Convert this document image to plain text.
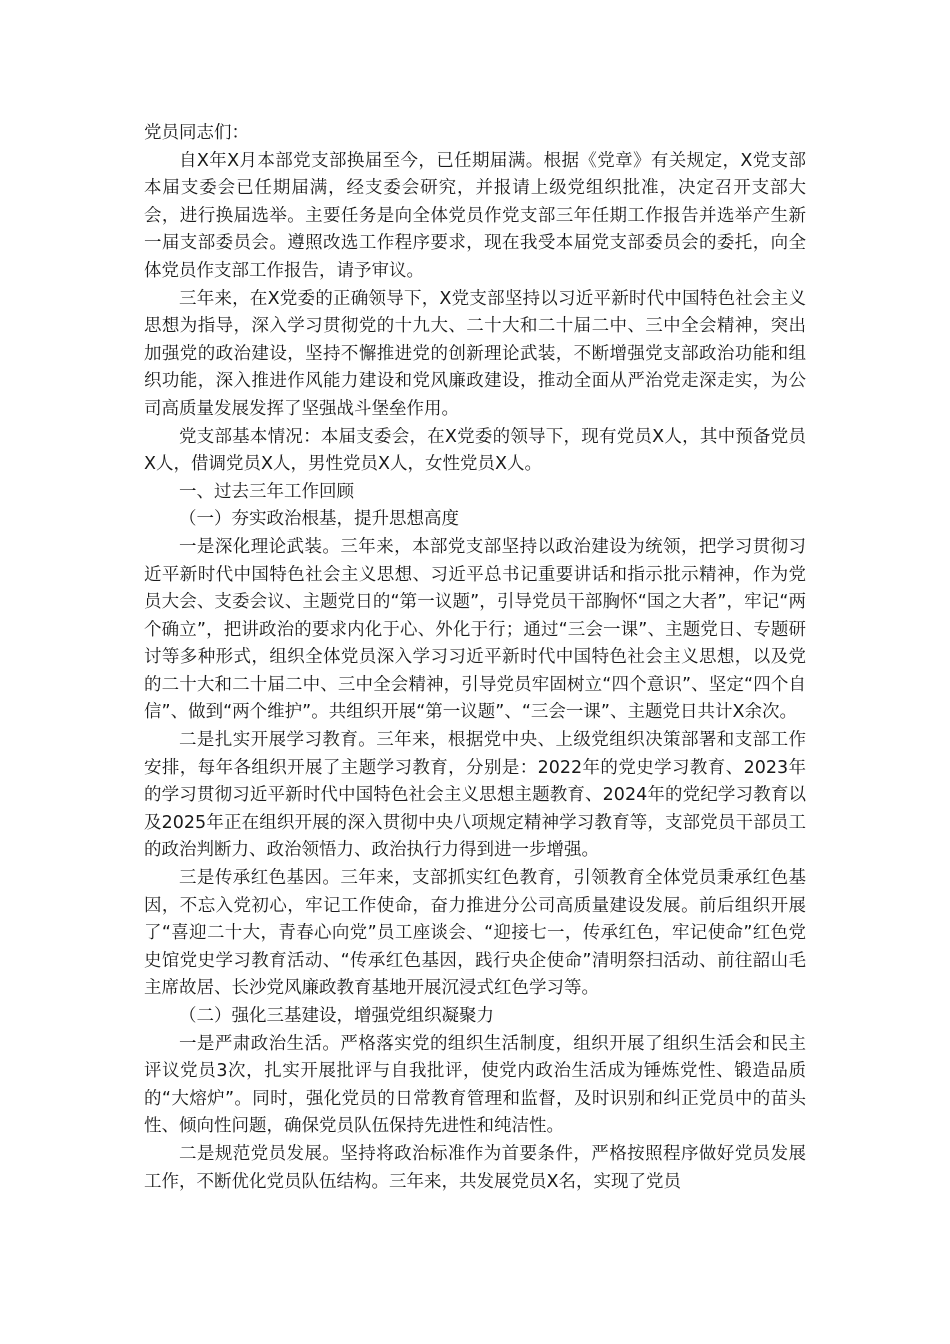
党员同志们：

自X年X月本部党支部换届至今，已任期届满。根据《党章》有关规定，X党支部本届支委会已任期届满，经支委会研究，并报请上级党组织批准，决定召开支部大会，进行换届选举。主要任务是向全体党员作党支部三年任期工作报告并选举产生新一届支部委员会。遵照改选工作程序要求，现在我受本届党支部委员会的委托，向全体党员作支部工作报告，请予审议。

三年来，在X党委的正确领导下，X党支部坚持以习近平新时代中国特色社会主义思想为指导，深入学习贯彻党的十九大、二十大和二十届二中、三中全会精神，突出加强党的政治建设，坚持不懈推进党的创新理论武装，不断增强党支部政治功能和组织功能，深入推进作风能力建设和党风廉政建设，推动全面从严治党走深走实，为公司高质量发展发挥了坚强战斗堡垒作用。

党支部基本情况：本届支委会，在X党委的领导下，现有党员X人，其中预备党员X人，借调党员X人，男性党员X人，女性党员X人。

一、过去三年工作回顾

（一）夯实政治根基，提升思想高度

一是深化理论武装。三年来，本部党支部坚持以政治建设为统领，把学习贯彻习近平新时代中国特色社会主义思想、习近平总书记重要讲话和指示批示精神，作为党员大会、支委会议、主题党日的“第一议题”，引导党员干部胸怀“国之大者”，牢记“两个确立”，把讲政治的要求内化于心、外化于行；通过“三会一课”、主题党日、专题研讨等多种形式，组织全体党员深入学习习近平新时代中国特色社会主义思想，以及党的二十大和二十届二中、三中全会精神，引导党员牢固树立“四个意识”、坚定“四个自信”、做到“两个维护”。共组织开展“第一议题”、“三会一课”、主题党日共计X余次。

二是扎实开展学习教育。三年来，根据党中央、上级党组织决策部署和支部工作安排，每年各组织开展了主题学习教育，分别是：2022年的党史学习教育、2023年的学习贯彻习近平新时代中国特色社会主义思想主题教育、2024年的党纪学习教育以及2025年正在组织开展的深入贯彻中央八项规定精神学习教育等，支部党员干部员工的政治判断力、政治领悟力、政治执行力得到进一步增强。

三是传承红色基因。三年来，支部抓实红色教育，引领教育全体党员秉承红色基因，不忘入党初心，牢记工作使命，奋力推进分公司高质量建设发展。前后组织开展了“喜迎二十大，青春心向党”员工座谈会、“迎接七一，传承红色，牢记使命”红色党史馆党史学习教育活动、“传承红色基因，践行央企使命”清明祭扫活动、前往韶山毛主席故居、长沙党风廉政教育基地开展沉浸式红色学习等。

（二）强化三基建设，增强党组织凝聚力

一是严肃政治生活。严格落实党的组织生活制度，组织开展了组织生活会和民主评议党员3次，扎实开展批评与自我批评，使党内政治生活成为锤炼党性、锻造品质的“大熔炉”。同时，强化党员的日常教育管理和监督，及时识别和纠正党员中的苗头性、倾向性问题，确保党员队伍保持先进性和纯洁性。

二是规范党员发展。坚持将政治标准作为首要条件，严格按照程序做好党员发展工作，不断优化党员队伍结构。三年来，共发展党员X名，实现了党员
